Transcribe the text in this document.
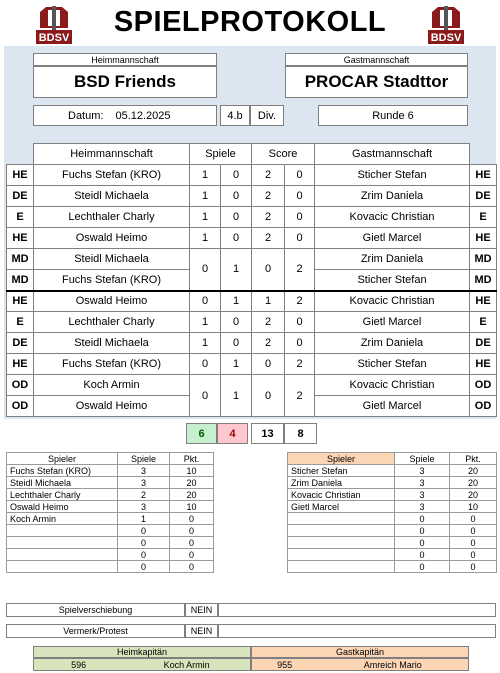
BDSV	BDSV
SPIELPROTOKOLL
Heimmannschaft
BSD Friends
Gastmannschaft
PROCAR Stadttor
Datum: 05.12.2025	4.b	Div.	Runde 6
	Heimmannschaft	Spiele		Score		Gastmannschaft	
HE	Fuchs Stefan (KRO)	1	0	2	0	Sticher Stefan	HE
DE	Steidl Michaela	1	0	2	0	Zrim Daniela	DE
E	Lechthaler Charly	1	0	2	0	Kovacic Christian	E
HE	Oswald Heimo	1	0	2	0	Gietl Marcel	HE
MD	Steidl Michaela	0	1	0	2	Zrim Daniela	MD
MD	Fuchs Stefan (KRO)					Sticher Stefan	MD
HE	Oswald Heimo	0	1	1	2	Kovacic Christian	HE
E	Lechthaler Charly	1	0	2	0	Gietl Marcel	E
DE	Steidl Michaela	1	0	2	0	Zrim Daniela	DE
HE	Fuchs Stefan (KRO)	0	1	0	2	Sticher Stefan	HE
OD	Koch Armin	0	1	0	2	Kovacic Christian	OD
OD	Oswald Heimo					Gietl Marcel	OD
6	4	13	8
Spieler	Spiele	Pkt.
Fuchs Stefan (KRO)	3	10
Steidl Michaela	3	20
Lechthaler Charly	2	20
Oswald Heimo	3	10
Koch Armin	1	0
	0	0
	0	0
	0	0
	0	0
Spieler	Spiele	Pkt.
Sticher Stefan	3	20
Zrim Daniela	3	20
Kovacic Christian	3	20
Gietl Marcel	3	10
	0	0
	0	0
	0	0
	0	0
	0	0
Spielverschiebung	NEIN
Vermerk/Protest	NEIN
Heimkapitän
596	Koch Armin
Gastkapitän
955	Amreich Mario
